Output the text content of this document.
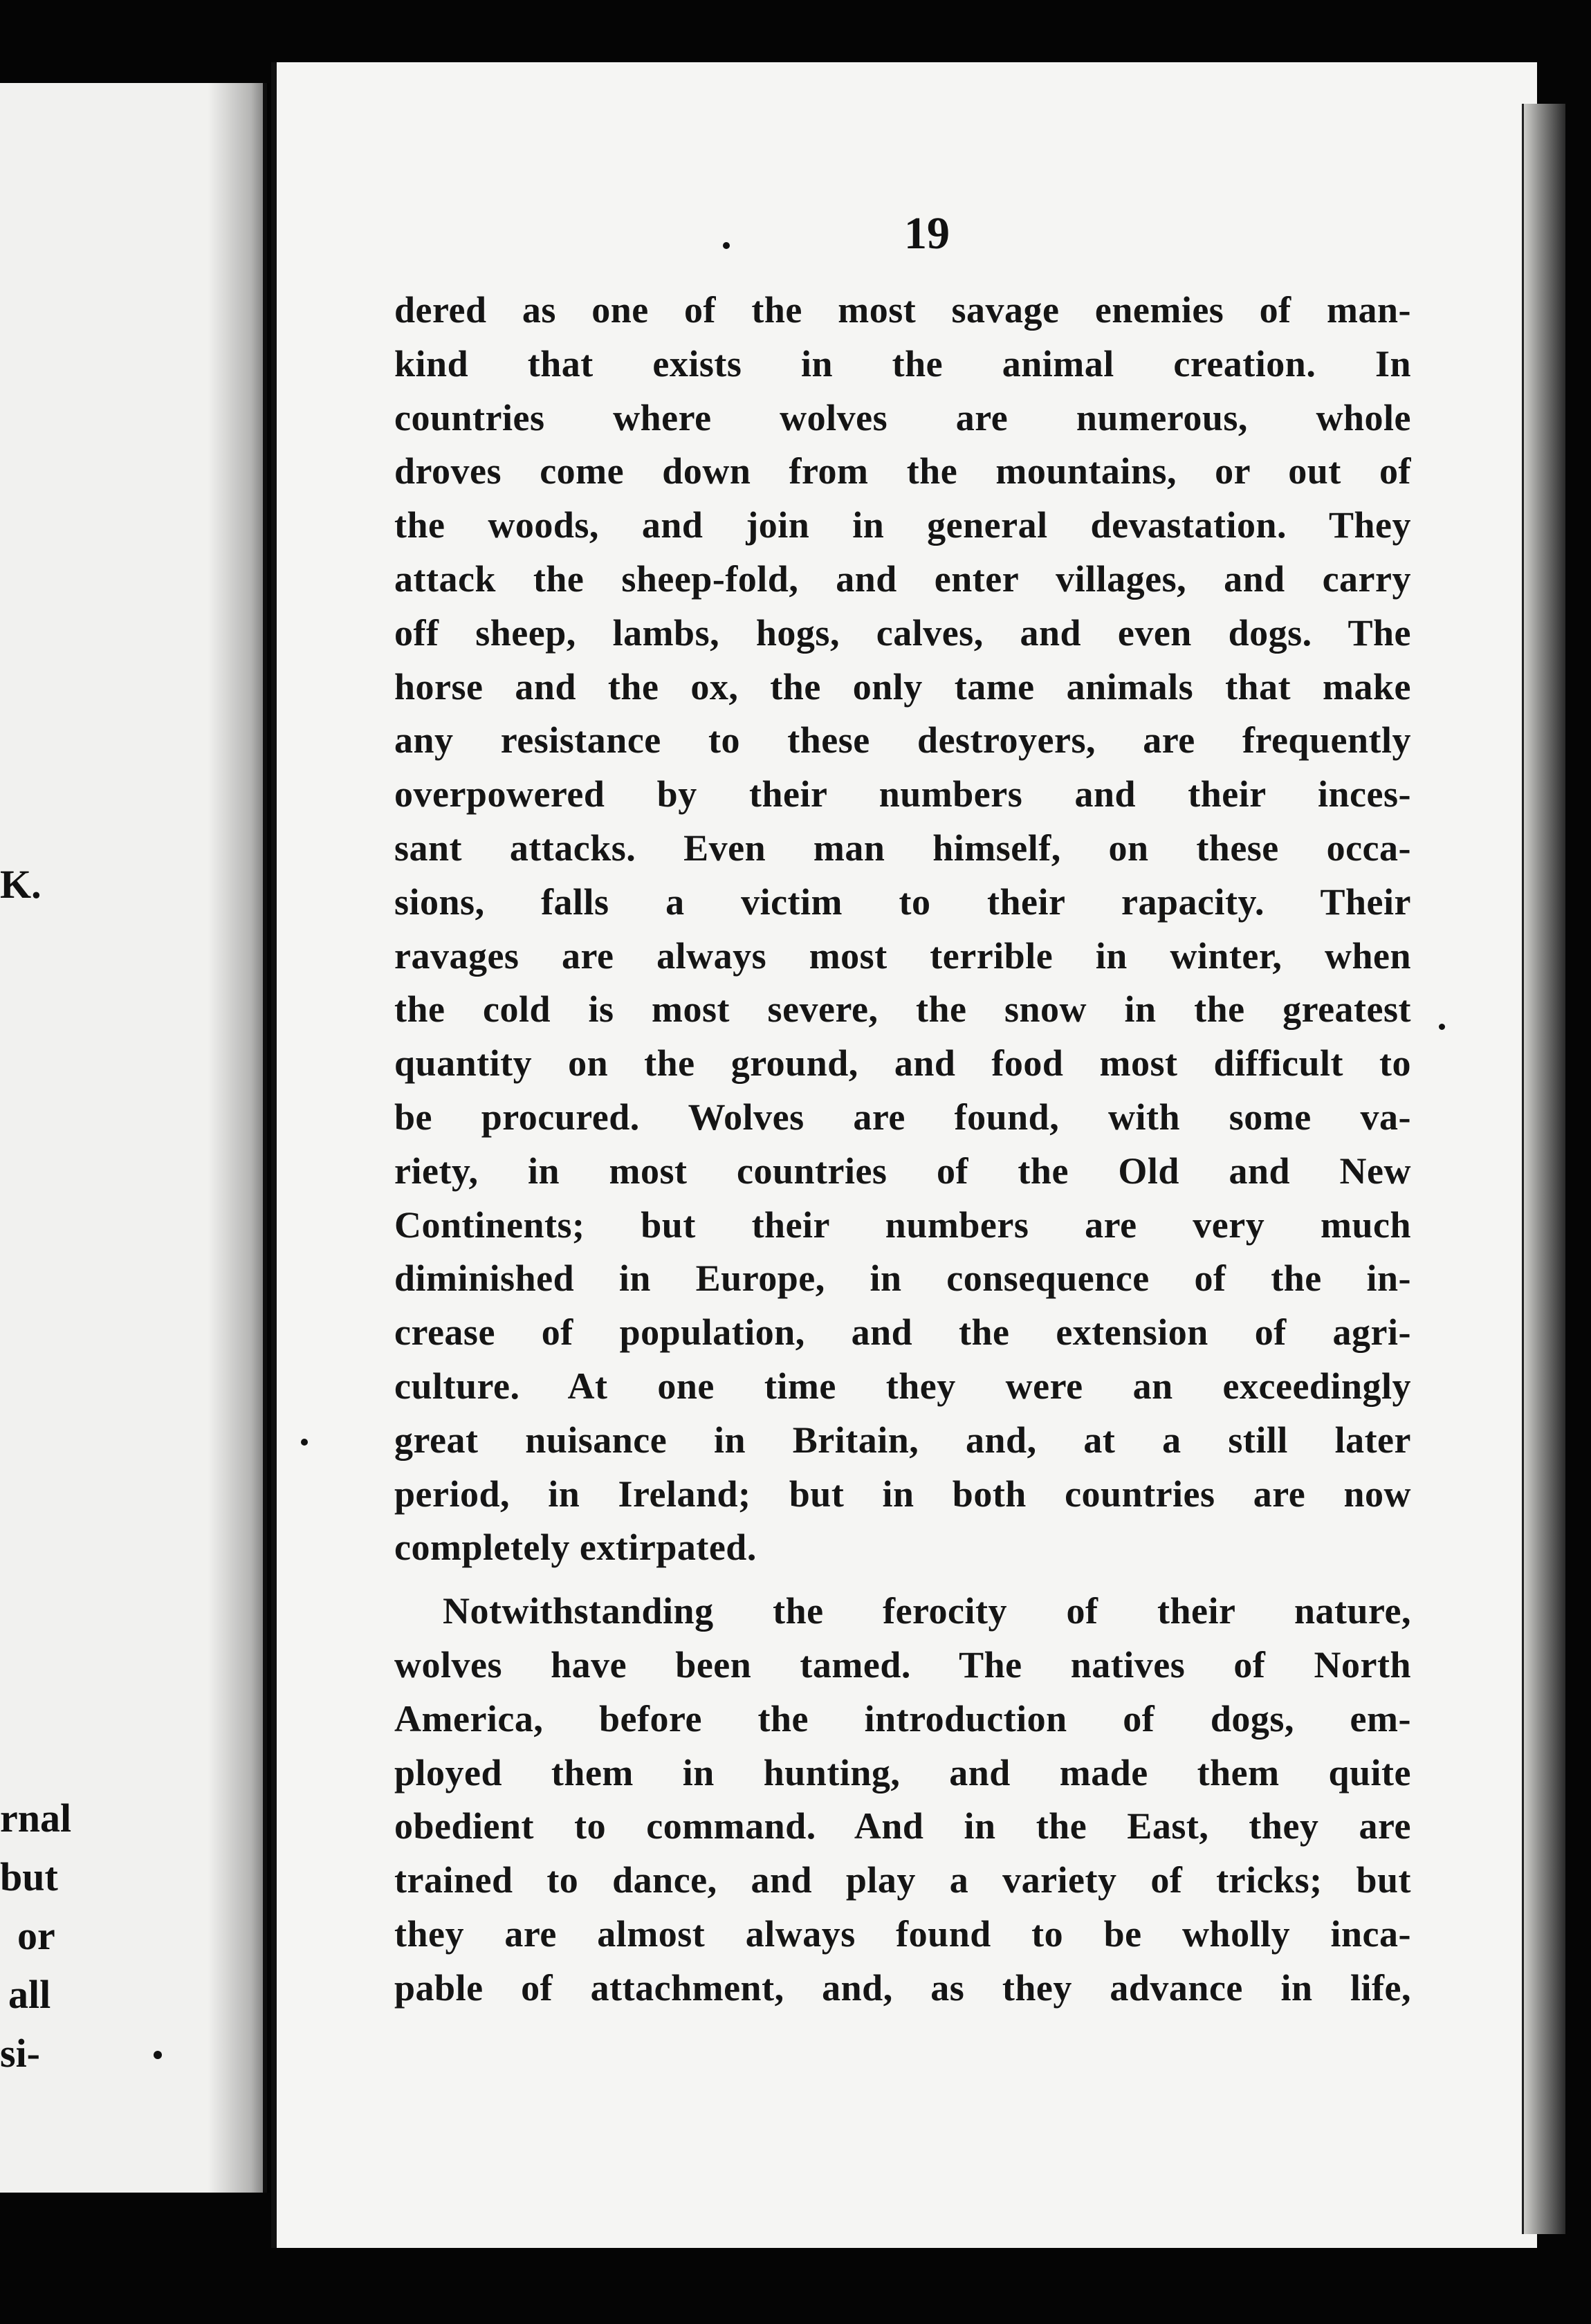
K.
rnal
but
or
all
si-
19
dered as one of the most savage enemies of man-
kind that exists in the animal creation. In
countries where wolves are numerous, whole
droves come down from the mountains, or out of
the woods, and join in general devastation. They
attack the sheep-fold, and enter villages, and carry
off sheep, lambs, hogs, calves, and even dogs. The
horse and the ox, the only tame animals that make
any resistance to these destroyers, are frequently
overpowered by their numbers and their inces-
sant attacks. Even man himself, on these occa-
sions, falls a victim to their rapacity. Their
ravages are always most terrible in winter, when
the cold is most severe, the snow in the greatest
quantity on the ground, and food most difficult to
be procured. Wolves are found, with some va-
riety, in most countries of the Old and New
Continents; but their numbers are very much
diminished in Europe, in consequence of the in-
crease of population, and the extension of agri-
culture. At one time they were an exceedingly
great nuisance in Britain, and, at a still later
period, in Ireland; but in both countries are now
completely extirpated.
Notwithstanding the ferocity of their nature,
wolves have been tamed. The natives of North
America, before the introduction of dogs, em-
ployed them in hunting, and made them quite
obedient to command. And in the East, they are
trained to dance, and play a variety of tricks; but
they are almost always found to be wholly inca-
pable of attachment, and, as they advance in life,
